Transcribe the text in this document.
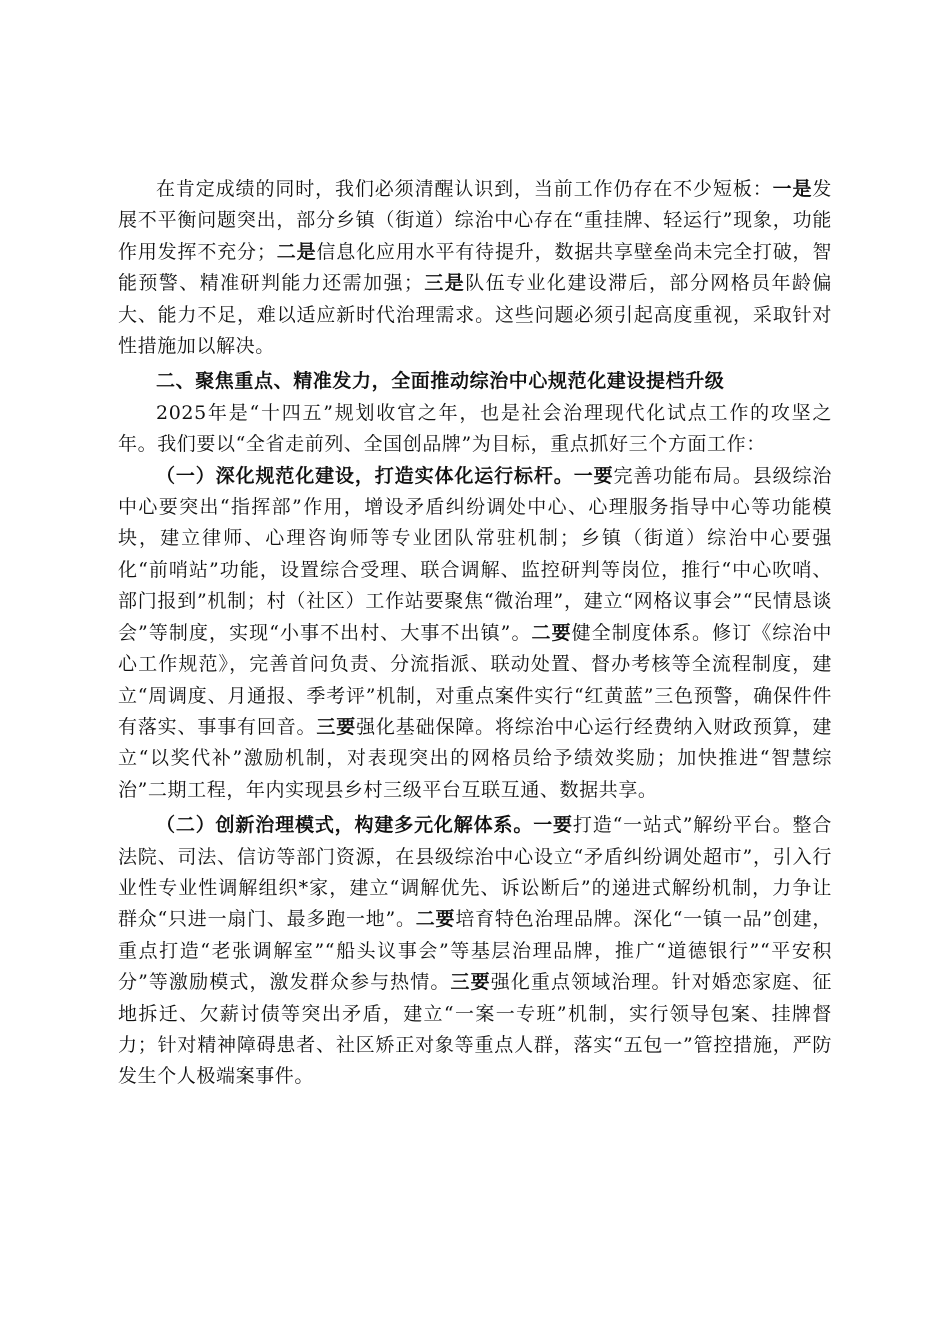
在肯定成绩的同时，我们必须清醒认识到，当前工作仍存在不少短板：一是发展不平衡问题突出，部分乡镇（街道）综治中心存在“重挂牌、轻运行”现象，功能作用发挥不充分；二是信息化应用水平有待提升，数据共享壁垒尚未完全打破，智能预警、精准研判能力还需加强；三是队伍专业化建设滞后，部分网格员年龄偏大、能力不足，难以适应新时代治理需求。这些问题必须引起高度重视，采取针对性措施加以解决。

二、聚焦重点、精准发力，全面推动综治中心规范化建设提档升级

2025年是“十四五”规划收官之年，也是社会治理现代化试点工作的攻坚之年。我们要以“全省走前列、全国创品牌”为目标，重点抓好三个方面工作：

（一）深化规范化建设，打造实体化运行标杆。一要完善功能布局。县级综治中心要突出“指挥部”作用，增设矛盾纠纷调处中心、心理服务指导中心等功能模块，建立律师、心理咨询师等专业团队常驻机制；乡镇（街道）综治中心要强化“前哨站”功能，设置综合受理、联合调解、监控研判等岗位，推行“中心吹哨、部门报到”机制；村（社区）工作站要聚焦“微治理”，建立“网格议事会”“民情恳谈会”等制度，实现“小事不出村、大事不出镇”。二要健全制度体系。修订《综治中心工作规范》，完善首问负责、分流指派、联动处置、督办考核等全流程制度，建立“周调度、月通报、季考评”机制，对重点案件实行“红黄蓝”三色预警，确保件件有落实、事事有回音。三要强化基础保障。将综治中心运行经费纳入财政预算，建立“以奖代补”激励机制，对表现突出的网格员给予绩效奖励；加快推进“智慧综治”二期工程，年内实现县乡村三级平台互联互通、数据共享。

（二）创新治理模式，构建多元化解体系。一要打造“一站式”解纷平台。整合法院、司法、信访等部门资源，在县级综治中心设立“矛盾纠纷调处超市”，引入行业性专业性调解组织*家，建立“调解优先、诉讼断后”的递进式解纷机制，力争让群众“只进一扇门、最多跑一地”。二要培育特色治理品牌。深化“一镇一品”创建，重点打造“老张调解室”“船头议事会”等基层治理品牌，推广“道德银行”“平安积分”等激励模式，激发群众参与热情。三要强化重点领域治理。针对婚恋家庭、征地拆迁、欠薪讨债等突出矛盾，建立“一案一专班”机制，实行领导包案、挂牌督力；针对精神障碍患者、社区矫正对象等重点人群，落实“五包一”管控措施，严防发生个人极端案事件。
